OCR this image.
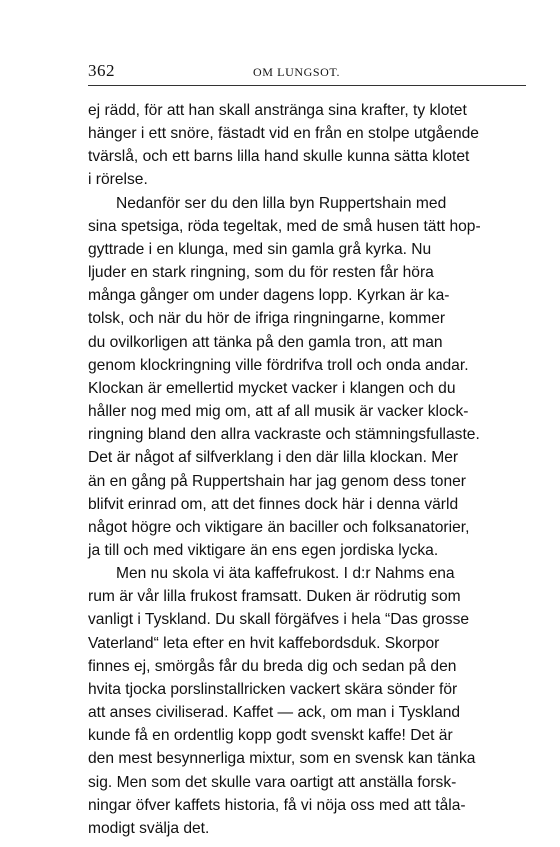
362	OM LUNGSOT.
ej rädd, för att han skall anstränga sina krafter, ty klotet
hänger i ett snöre, fästadt vid en från en stolpe utgående
tvärslå, och ett barns lilla hand skulle kunna sätta klotet
i rörelse.
Nedanför ser du den lilla byn Ruppertshain med
sina spetsiga, röda tegeltak, med de små husen tätt hop-
gyttrade i en klunga, med sin gamla grå kyrka. Nu
ljuder en stark ringning, som du för resten får höra
många gånger om under dagens lopp. Kyrkan är ka-
tolsk, och när du hör de ifriga ringningarne, kommer
du ovilkorligen att tänka på den gamla tron, att man
genom klockringning ville fördrifva troll och onda andar.
Klockan är emellertid mycket vacker i klangen och du
håller nog med mig om, att af all musik är vacker klock-
ringning bland den allra vackraste och stämningsfullaste.
Det är något af silfverklang i den där lilla klockan. Mer
än en gång på Ruppertshain har jag genom dess toner
blifvit erinrad om, att det finnes dock här i denna värld
något högre och viktigare än baciller och folksanatorier,
ja till och med viktigare än ens egen jordiska lycka.
Men nu skola vi äta kaffefrukost. I d:r Nahms ena
rum är vår lilla frukost framsatt. Duken är rödrutig som
vanligt i Tyskland. Du skall förgäfves i hela “Das grosse
Vaterland“ leta efter en hvit kaffebordsduk. Skorpor
finnes ej, smörgås får du breda dig och sedan på den
hvita tjocka porslinstallricken vackert skära sönder för
att anses civiliserad. Kaffet — ack, om man i Tyskland
kunde få en ordentlig kopp godt svenskt kaffe! Det är
den mest besynnerliga mixtur, som en svensk kan tänka
sig. Men som det skulle vara oartigt att anställa forsk-
ningar öfver kaffets historia, få vi nöja oss med att tåla-
modigt svälja det.
